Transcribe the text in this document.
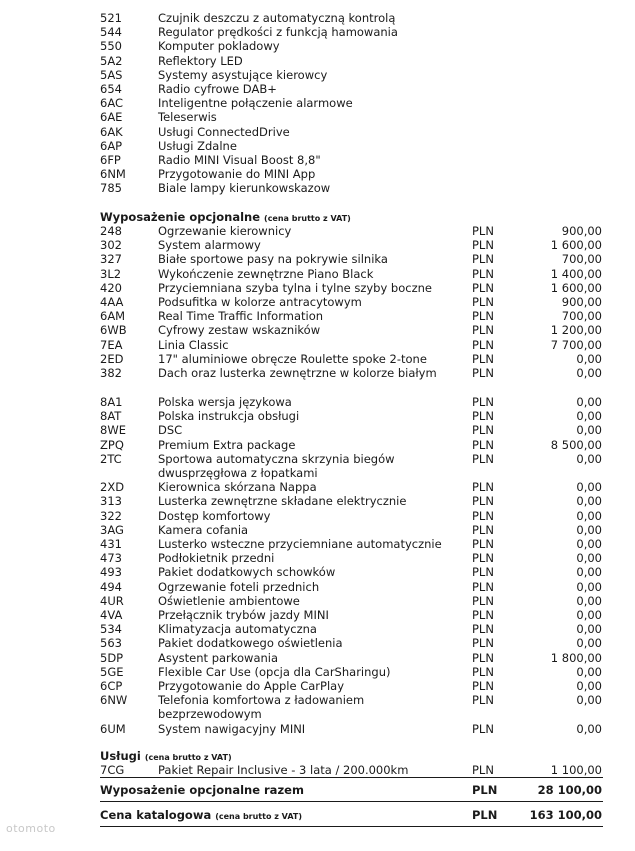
521	Czujnik deszczu z automatyczną kontrolą
544	Regulator prędkości z funkcją hamowania
550	Komputer pokladowy
5A2	Reflektory LED
5AS	Systemy asystujące kierowcy
654	Radio cyfrowe DAB+
6AC	Inteligentne połączenie alarmowe
6AE	Teleserwis
6AK	Usługi ConnectedDrive
6AP	Usługi Zdalne
6FP	Radio MINI Visual Boost 8,8"
6NM	Przygotowanie do MINI App
785	Biale lampy kierunkowskazow
Wyposażenie opcjonalne (cena brutto z VAT)
248	Ogrzewanie kierownicy	PLN	900,00
302	System alarmowy	PLN	1 600,00
327	Białe sportowe pasy na pokrywie silnika	PLN	700,00
3L2	Wykończenie zewnętrzne Piano Black	PLN	1 400,00
420	Przyciemniana szyba tylna i tylne szyby boczne	PLN	1 600,00
4AA	Podsufitka w kolorze antracytowym	PLN	900,00
6AM	Real Time Traffic Information	PLN	700,00
6WB	Cyfrowy zestaw wskazników	PLN	1 200,00
7EA	Linia Classic	PLN	7 700,00
2ED	17" aluminiowe obręcze Roulette spoke 2-tone	PLN	0,00
382	Dach oraz lusterka zewnętrzne w kolorze białym	PLN	0,00
8A1	Polska wersja językowa	PLN	0,00
8AT	Polska instrukcja obsługi	PLN	0,00
8WE	DSC	PLN	0,00
ZPQ	Premium Extra package	PLN	8 500,00
2TC	Sportowa automatyczna skrzynia biegów	PLN	0,00
dwusprzęgłowa z łopatkami
2XD	Kierownica skórzana Nappa	PLN	0,00
313	Lusterka zewnętrzne składane elektrycznie	PLN	0,00
322	Dostęp komfortowy	PLN	0,00
3AG	Kamera cofania	PLN	0,00
431	Lusterko wsteczne przyciemniane automatycznie	PLN	0,00
473	Podłokietnik przedni	PLN	0,00
493	Pakiet dodatkowych schowków	PLN	0,00
494	Ogrzewanie foteli przednich	PLN	0,00
4UR	Oświetlenie ambientowe	PLN	0,00
4VA	Przełącznik trybów jazdy MINI	PLN	0,00
534	Klimatyzacja automatyczna	PLN	0,00
563	Pakiet dodatkowego oświetlenia	PLN	0,00
5DP	Asystent parkowania	PLN	1 800,00
5GE	Flexible Car Use (opcja dla CarSharingu)	PLN	0,00
6CP	Przygotowanie do Apple CarPlay	PLN	0,00
6NW	Telefonia komfortowa z ładowaniem	PLN	0,00
bezprzewodowym
6UM	System nawigacyjny MINI	PLN	0,00
Usługi (cena brutto z VAT)
7CG	Pakiet Repair Inclusive - 3 lata / 200.000km	PLN	1 100,00
Wyposażenie opcjonalne razem	PLN	28 100,00
Cena katalogowa (cena brutto z VAT)	PLN	163 100,00
otomoto
